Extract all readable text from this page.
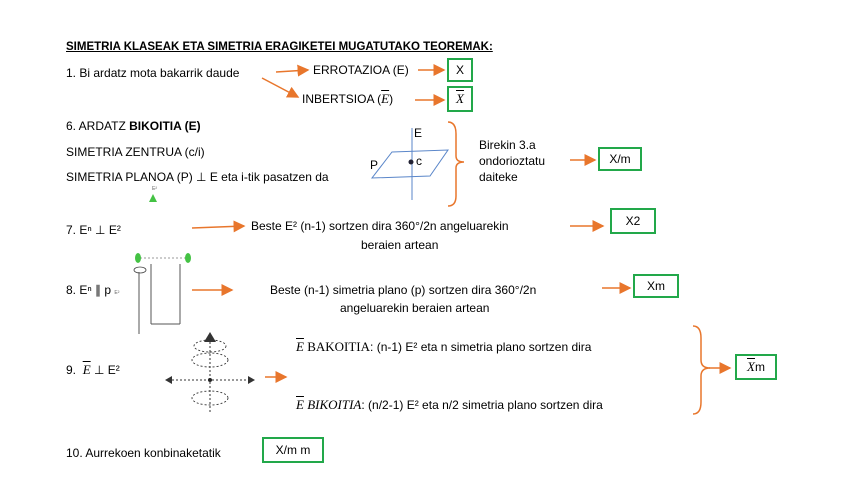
SIMETRIA KLASEAK ETA SIMETRIA ERAGIKETEI MUGATUTAKO TEOREMAK:
1. Bi ardatz mota bakarrik daude	ERROTAZIOA (E)	X
INBERTSIOA $(\overline{E})$	$\overline{X}$
6. ARDATZ BIKOITIA (E)
SIMETRIA ZENTRUA (c/i)
SIMETRIA PLANOA (P) ⊥ E eta i-tik pasatzen da
E
P	c
Birekin 3.a
ondorioztatu
daiteke
X/m
7. Eⁿ ⊥ E²
E²
Beste E² (n-1) sortzen dira 360°/2n angeluarekin
beraien artean
X2
8. Eⁿ ∥ p E²	Beste (n-1) simetria plano (p) sortzen dira 360°/2n
angeluarekin beraien artean
Xm
9. $\overline{E}$ ⊥ E²
$\overline{E}$ BAKOITIA: (n-1) E² eta n simetria plano sortzen dira
$\overline{E}$ BIKOITIA: (n/2-1) E² eta n/2 simetria plano sortzen dira
$\overline{X}$ m
10. Aurrekoen konbinaketatik	X/m m
